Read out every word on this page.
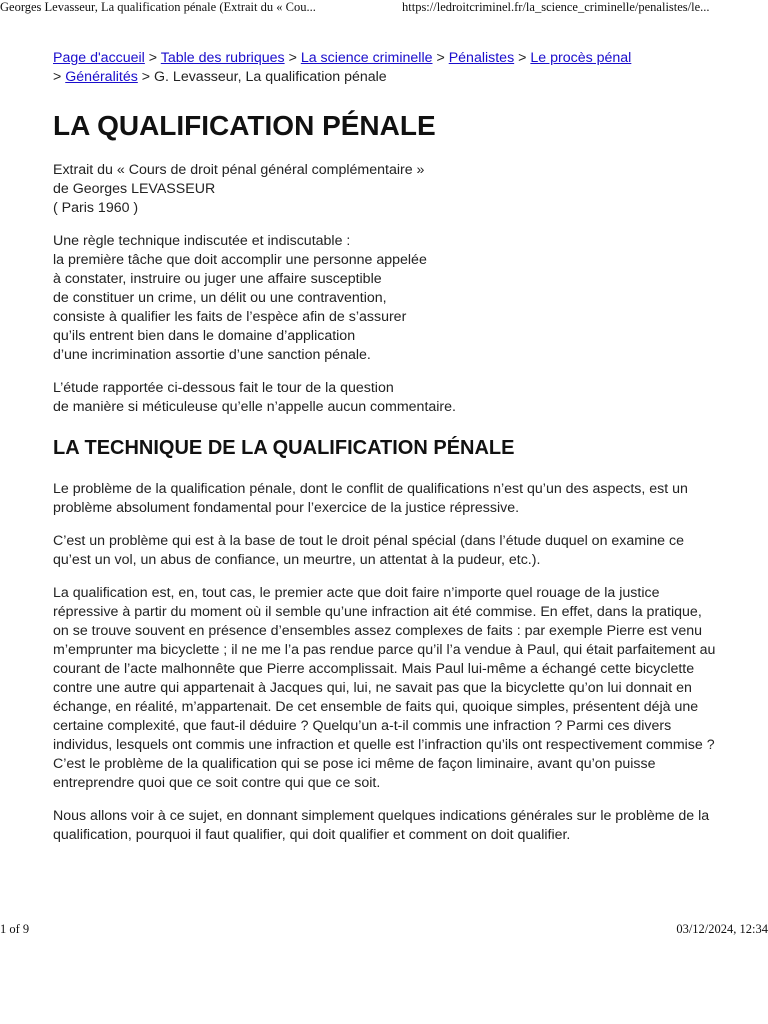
Georges Levasseur, La qualification pénale (Extrait du « Cou...	https://ledroitcriminel.fr/la_science_criminelle/penalistes/le...
Page d'accueil > Table des rubriques > La science criminelle > Pénalistes > Le procès pénal > Généralités > G. Levasseur, La qualification pénale
LA QUALIFICATION PÉNALE

Extrait du « Cours de droit pénal général complémentaire »
de Georges LEVASSEUR
( Paris 1960 )

Une règle technique indiscutée et indiscutable :
la première tâche que doit accomplir une personne appelée
à constater, instruire ou juger une affaire susceptible
de constituer un crime, un délit ou une contravention,
consiste à qualifier les faits de l’espèce afin de s’assurer
qu’ils entrent bien dans le domaine d’application
d’une incrimination assortie d’une sanction pénale.

L’étude rapportée ci-dessous fait le tour de la question
de manière si méticuleuse qu’elle n’appelle aucun commentaire.

LA TECHNIQUE DE LA QUALIFICATION PÉNALE

Le problème de la qualification pénale, dont le conflit de qualifications n’est qu’un des aspects, est un problème absolument fondamental pour l’exercice de la justice répressive.

C’est un problème qui est à la base de tout le droit pénal spécial (dans l’étude duquel on examine ce qu’est un vol, un abus de confiance, un meurtre, un attentat à la pudeur, etc.).

La qualification est, en, tout cas, le premier acte que doit faire n’importe quel rouage de la justice répressive à partir du moment où il semble qu’une infraction ait été commise. En effet, dans la pratique, on se trouve souvent en présence d’ensembles assez complexes de faits : par exemple Pierre est venu m’emprunter ma bicyclette ; il ne me l’a pas rendue parce qu’il l’a vendue à Paul, qui était parfaitement au courant de l’acte malhonnête que Pierre accomplissait. Mais Paul lui-même a échangé cette bicyclette contre une autre qui appartenait à Jacques qui, lui, ne savait pas que la bicyclette qu’on lui donnait en échange, en réalité, m’appartenait. De cet ensemble de faits qui, quoique simples, présentent déjà une certaine complexité, que faut-il déduire ? Quelqu’un a-t-il commis une infraction ? Parmi ces divers individus, lesquels ont commis une infraction et quelle est l’infraction qu’ils ont respectivement commise ? C’est le problème de la qualification qui se pose ici même de façon liminaire, avant qu’on puisse entreprendre quoi que ce soit contre qui que ce soit.

Nous allons voir à ce sujet, en donnant simplement quelques indications générales sur le problème de la qualification, pourquoi il faut qualifier, qui doit qualifier et comment on doit qualifier.

1 of 9	03/12/2024, 12:34
